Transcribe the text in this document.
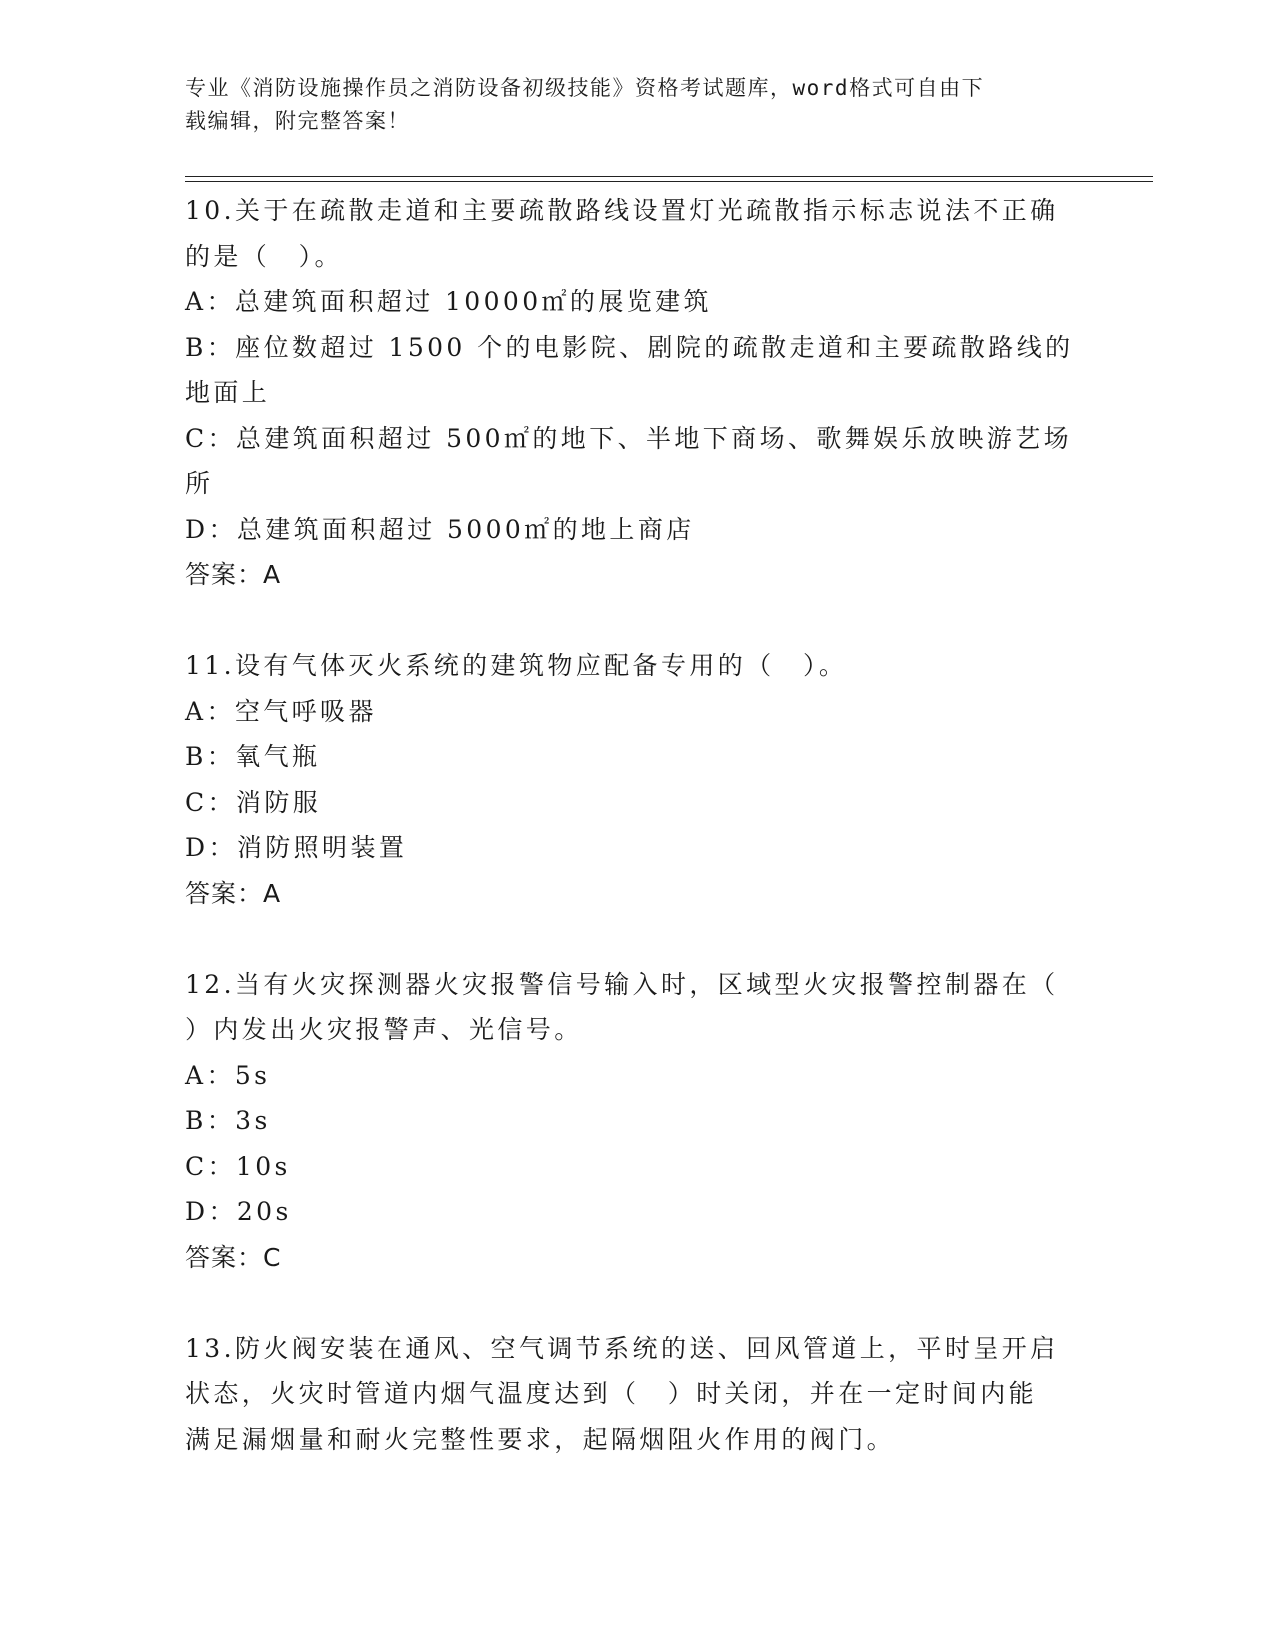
专业《消防设施操作员之消防设备初级技能》资格考试题库，word格式可自由下
载编辑，附完整答案！

10.关于在疏散走道和主要疏散路线设置灯光疏散指示标志说法不正确

的是（　）。

A：总建筑面积超过 10000㎡的展览建筑

B：座位数超过 1500 个的电影院、剧院的疏散走道和主要疏散路线的

地面上

C：总建筑面积超过 500㎡的地下、半地下商场、歌舞娱乐放映游艺场

所

D：总建筑面积超过 5000㎡的地上商店

答案：A

11.设有气体灭火系统的建筑物应配备专用的（　）。

A：空气呼吸器

B：氧气瓶

C：消防服

D：消防照明装置

答案：A

12.当有火灾探测器火灾报警信号输入时，区域型火灾报警控制器在（

）内发出火灾报警声、光信号。

A：5s

B：3s

C：10s

D：20s

答案：C

13.防火阀安装在通风、空气调节系统的送、回风管道上，平时呈开启

状态，火灾时管道内烟气温度达到（　）时关闭，并在一定时间内能

满足漏烟量和耐火完整性要求，起隔烟阻火作用的阀门。
